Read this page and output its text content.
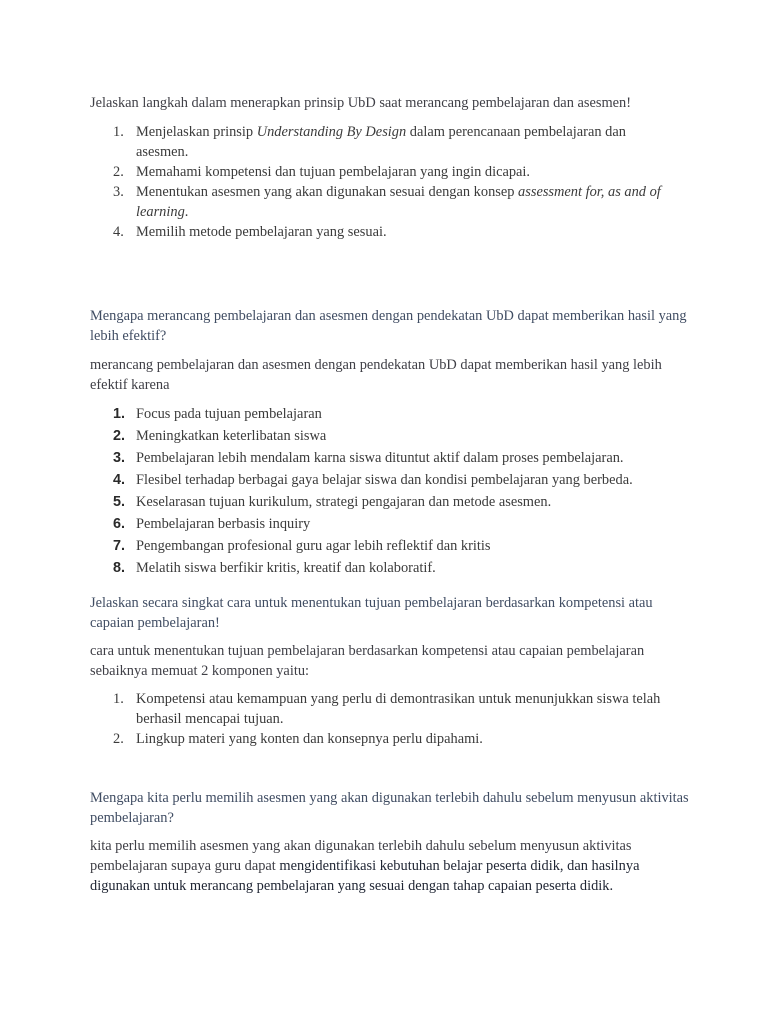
Jelaskan langkah dalam menerapkan prinsip UbD saat merancang pembelajaran dan asesmen!

1. Menjelaskan prinsip Understanding By Design dalam perencanaan pembelajaran dan asesmen.
2. Memahami kompetensi dan tujuan pembelajaran yang ingin dicapai.
3. Menentukan asesmen yang akan digunakan sesuai dengan konsep assessment for, as and of learning.
4. Memilih metode pembelajaran yang sesuai.

Mengapa merancang pembelajaran dan asesmen dengan pendekatan UbD dapat memberikan hasil yang lebih efektif?

merancang pembelajaran dan asesmen dengan pendekatan UbD dapat memberikan hasil yang lebih efektif karena

1. Focus pada tujuan pembelajaran
2. Meningkatkan keterlibatan siswa
3. Pembelajaran lebih mendalam karna siswa dituntut aktif dalam proses pembelajaran.
4. Flesibel terhadap berbagai gaya belajar siswa dan kondisi pembelajaran yang berbeda.
5. Keselarasan tujuan kurikulum, strategi pengajaran dan metode asesmen.
6. Pembelajaran berbasis inquiry
7. Pengembangan profesional guru agar lebih reflektif dan kritis
8. Melatih siswa berfikir kritis, kreatif dan kolaboratif.

Jelaskan secara singkat cara untuk menentukan tujuan pembelajaran berdasarkan kompetensi atau capaian pembelajaran!

cara untuk menentukan tujuan pembelajaran berdasarkan kompetensi atau capaian pembelajaran sebaiknya memuat 2 komponen yaitu:

1. Kompetensi atau kemampuan yang perlu di demontrasikan untuk menunjukkan siswa telah berhasil mencapai tujuan.
2. Lingkup materi yang konten dan konsepnya perlu dipahami.

Mengapa kita perlu memilih asesmen yang akan digunakan terlebih dahulu sebelum menyusun aktivitas pembelajaran?

kita perlu memilih asesmen yang akan digunakan terlebih dahulu sebelum menyusun aktivitas pembelajaran supaya guru dapat mengidentifikasi kebutuhan belajar peserta didik, dan hasilnya digunakan untuk merancang pembelajaran yang sesuai dengan tahap capaian peserta didik.
